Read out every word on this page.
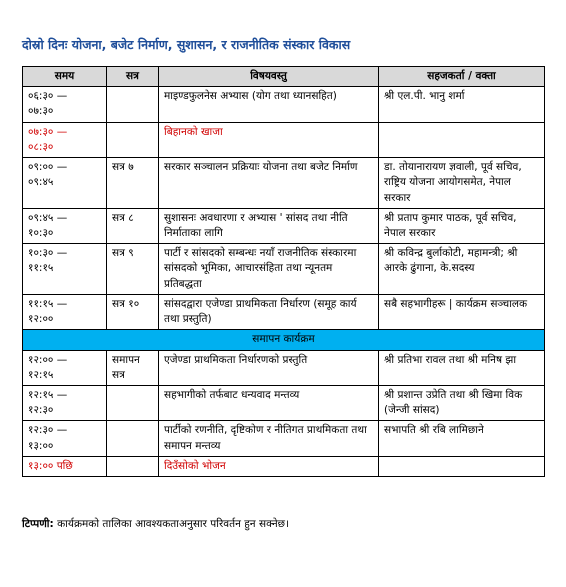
दोस्रो दिनः योजना, बजेट निर्माण, सुशासन, र राजनीतिक संस्कार विकास
समय	सत्र	विषयवस्तु	सहजकर्ता / वक्ता
०६:३० —
०७:३०		माइण्डफुलनेस अभ्यास (योग तथा ध्यानसहित)	श्री एल.पी. भानु शर्मा
०७:३० —
०८:३०		बिहानको खाजा	
०९:०० —
०९:४५	सत्र ७	सरकार सञ्चालन प्रक्रियाः योजना तथा बजेट निर्माण	डा. तोयानारायण ज्ञवाली, पूर्व सचिव, राष्ट्रिय योजना आयोगसमेत, नेपाल सरकार
०९:४५ —
१०:३०	सत्र ८	सुशासनः अवधारणा र अभ्यास ' सांसद तथा नीति निर्माताका लागि	श्री प्रताप कुमार पाठक, पूर्व सचिव, नेपाल सरकार
१०:३० —
११:१५	सत्र ९	पार्टी र सांसदको सम्बन्धः नयाँ राजनीतिक संस्कारमा सांसदको भूमिका, आचारसंहिता तथा न्यूनतम प्रतिबद्धता	श्री कविन्द्र बुर्लाकोटी, महामन्त्री; श्री आरके ढुंगाना, के.सदस्य
११:१५ —
१२:००	सत्र १०	सांसदद्वारा एजेण्डा प्राथमिकता निर्धारण (समूह कार्य तथा प्रस्तुति)	सबै सहभागीहरू | कार्यक्रम सञ्चालक
समापन कार्यक्रम			
१२:०० —
१२:१५	समापन सत्र	एजेण्डा प्राथमिकता निर्धारणको प्रस्तुति	श्री प्रतिभा रावल तथा श्री मनिष झा
१२:१५ —
१२:३०		सहभागीको तर्फबाट धन्यवाद मन्तव्य	श्री प्रशान्त उप्रेति तथा श्री खिमा विक (जेन्जी सांसद)
१२:३० —
१३:००		पार्टीको रणनीति, दृष्टिकोण र नीतिगत प्राथमिकता तथा समापन मन्तव्य	सभापति श्री रबि लामिछाने
१३:०० पछि		दिउँसोको भोजन	
टिप्पणी: कार्यक्रमको तालिका आवश्यकताअनुसार परिवर्तन हुन सक्नेछ।
